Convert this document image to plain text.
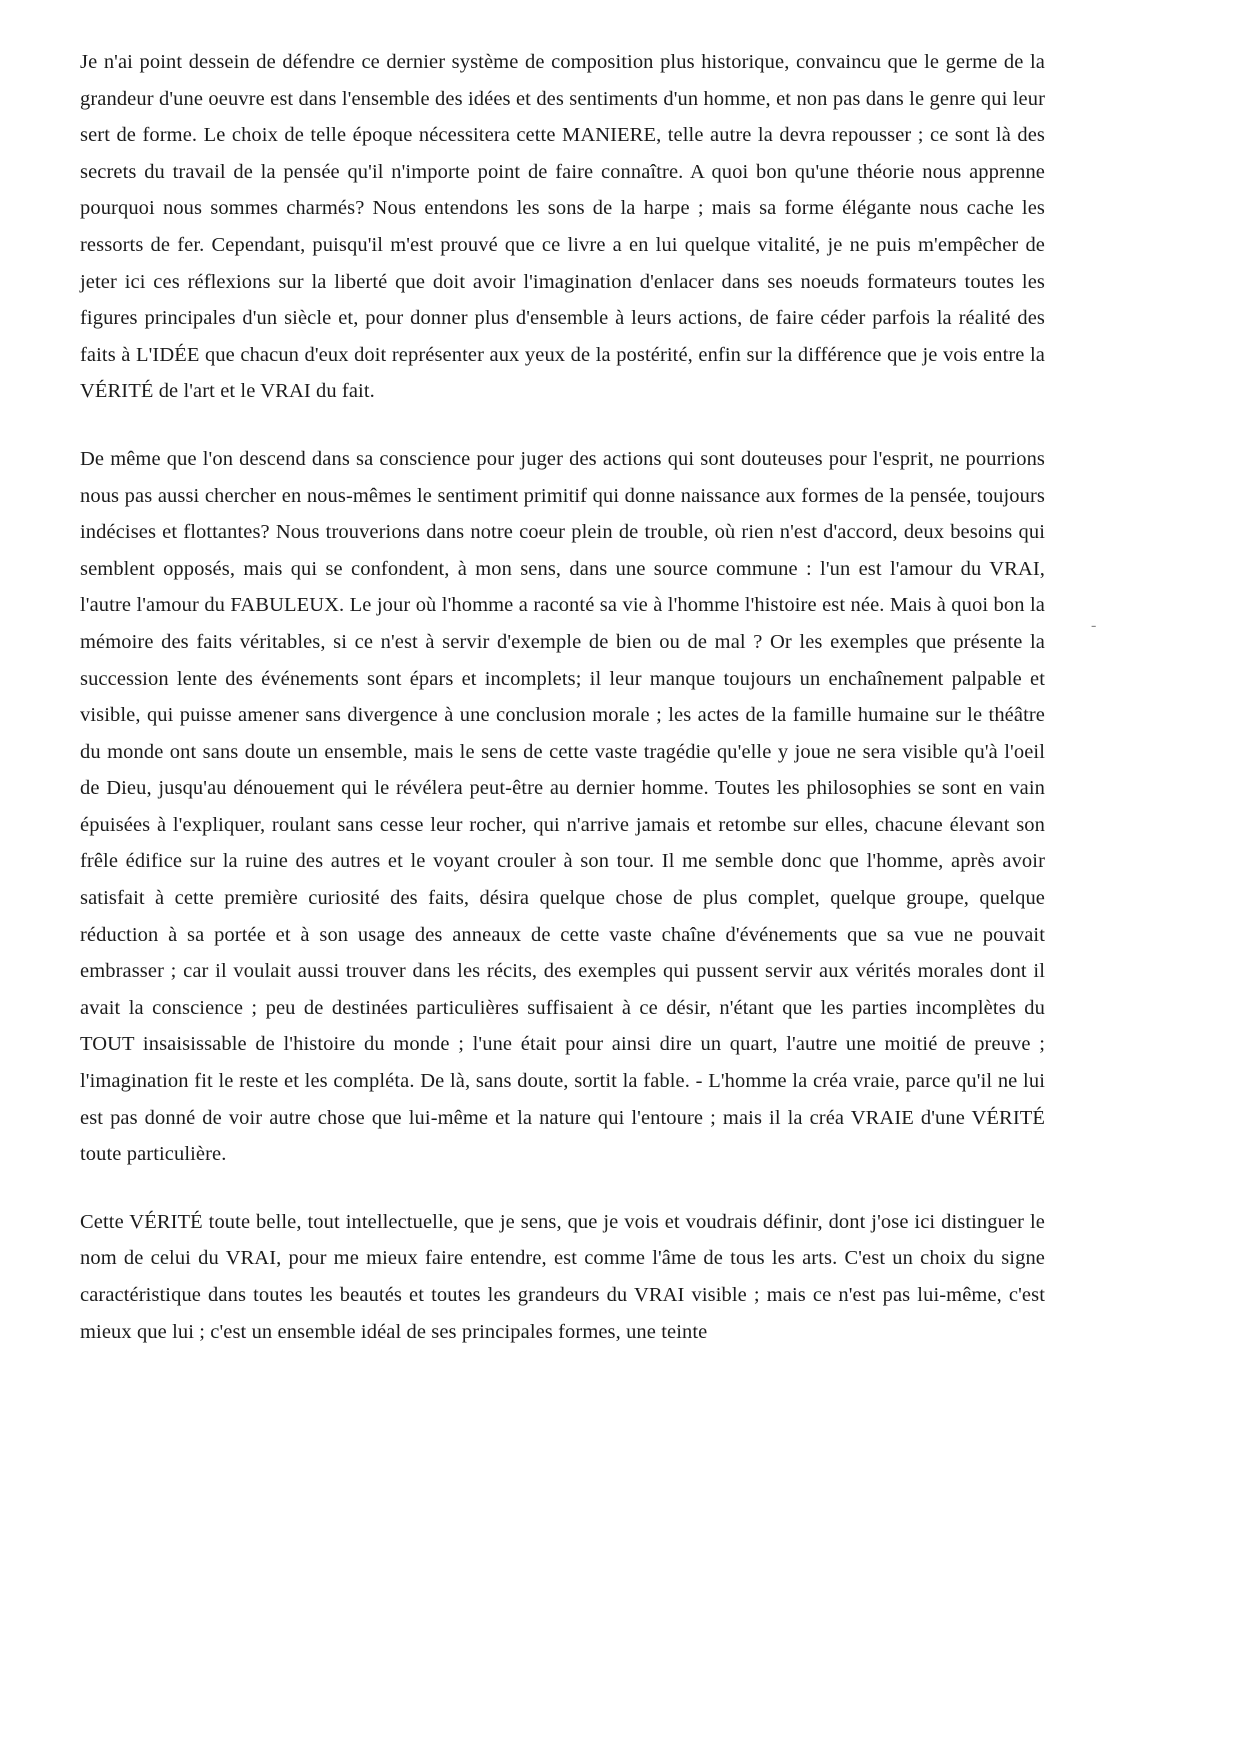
Je n'ai point dessein de défendre ce dernier système de composition plus historique, convaincu que le germe de la grandeur d'une oeuvre est dans l'ensemble des idées et des sentiments d'un homme, et non pas dans le genre qui leur sert de forme. Le choix de telle époque nécessitera cette MANIERE, telle autre la devra repousser ; ce sont là des secrets du travail de la pensée qu'il n'importe point de faire connaître. A quoi bon qu'une théorie nous apprenne pourquoi nous sommes charmés? Nous entendons les sons de la harpe ; mais sa forme élégante nous cache les ressorts de fer. Cependant, puisqu'il m'est prouvé que ce livre a en lui quelque vitalité, je ne puis m'empêcher de jeter ici ces réflexions sur la liberté que doit avoir l'imagination d'enlacer dans ses noeuds formateurs toutes les figures principales d'un siècle et, pour donner plus d'ensemble à leurs actions, de faire céder parfois la réalité des faits à L'IDÉE que chacun d'eux doit représenter aux yeux de la postérité, enfin sur la différence que je vois entre la VÉRITÉ de l'art et le VRAI du fait.

De même que l'on descend dans sa conscience pour juger des actions qui sont douteuses pour l'esprit, ne pourrions nous pas aussi chercher en nous-mêmes le sentiment primitif qui donne naissance aux formes de la pensée, toujours indécises et flottantes? Nous trouverions dans notre coeur plein de trouble, où rien n'est d'accord, deux besoins qui semblent opposés, mais qui se confondent, à mon sens, dans une source commune : l'un est l'amour du VRAI, l'autre l'amour du FABULEUX. Le jour où l'homme a raconté sa vie à l'homme l'histoire est née. Mais à quoi bon la mémoire des faits véritables, si ce n'est à servir d'exemple de bien ou de mal ? Or les exemples que présente la succession lente des événements sont épars et incomplets; il leur manque toujours un enchaînement palpable et visible, qui puisse amener sans divergence à une conclusion morale ; les actes de la famille humaine sur le théâtre du monde ont sans doute un ensemble, mais le sens de cette vaste tragédie qu'elle y joue ne sera visible qu'à l'oeil de Dieu, jusqu'au dénouement qui le révélera peut-être au dernier homme. Toutes les philosophies se sont en vain épuisées à l'expliquer, roulant sans cesse leur rocher, qui n'arrive jamais et retombe sur elles, chacune élevant son frêle édifice sur la ruine des autres et le voyant crouler à son tour. Il me semble donc que l'homme, après avoir satisfait à cette première curiosité des faits, désira quelque chose de plus complet, quelque groupe, quelque réduction à sa portée et à son usage des anneaux de cette vaste chaîne d'événements que sa vue ne pouvait embrasser ; car il voulait aussi trouver dans les récits, des exemples qui pussent servir aux vérités morales dont il avait la conscience ; peu de destinées particulières suffisaient à ce désir, n'étant que les parties incomplètes du TOUT insaisissable de l'histoire du monde ; l'une était pour ainsi dire un quart, l'autre une moitié de preuve ; l'imagination fit le reste et les compléta. De là, sans doute, sortit la fable. - L'homme la créa vraie, parce qu'il ne lui est pas donné de voir autre chose que lui-même et la nature qui l'entoure ; mais il la créa VRAIE d'une VÉRITÉ toute particulière.

Cette VÉRITÉ toute belle, tout intellectuelle, que je sens, que je vois et voudrais définir, dont j'ose ici distinguer le nom de celui du VRAI, pour me mieux faire entendre, est comme l'âme de tous les arts. C'est un choix du signe caractéristique dans toutes les beautés et toutes les grandeurs du VRAI visible ; mais ce n'est pas lui-même, c'est mieux que lui ; c'est un ensemble idéal de ses principales formes, une teinte

-
